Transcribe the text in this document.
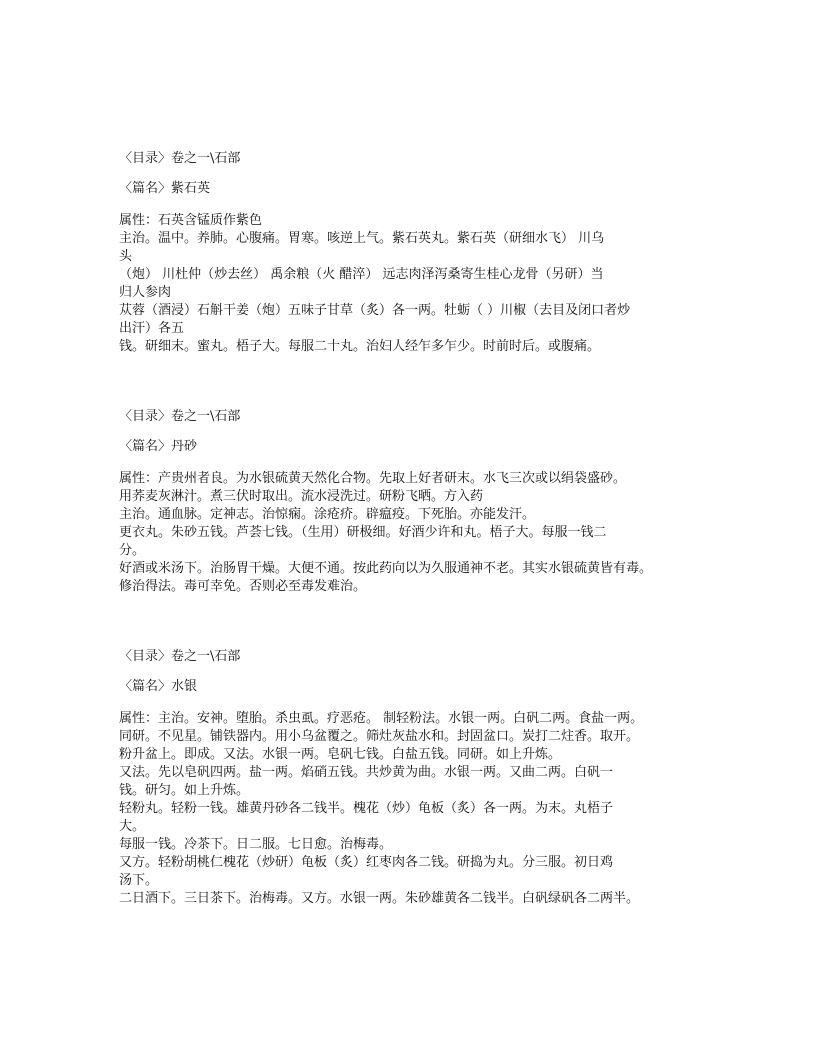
〈目录〉卷之一\石部
〈篇名〉紫石英
属性：石英含锰质作紫色
主治。温中。养肺。心腹痛。胃寒。咳逆上气。紫石英丸。紫石英（研细水飞） 川乌
头
（炮） 川杜仲（炒去丝） 禹余粮（火 醋淬） 远志肉泽泻桑寄生桂心龙骨（另研）当
归人参肉
苁蓉（酒浸）石斛干姜（炮）五味子甘草（炙）各一两。牡蛎（ ）川椒（去目及闭口者炒
出汗）各五
钱。研细末。蜜丸。梧子大。每服二十丸。治妇人经乍多乍少。时前时后。或腹痛。
〈目录〉卷之一\石部
〈篇名〉丹砂
属性：产贵州者良。为水银硫黄天然化合物。先取上好者研末。水飞三次或以绢袋盛砂。
用荞麦灰淋汁。煮三伏时取出。流水浸洗过。研粉飞晒。方入药
主治。通血脉。定神志。治惊痫。涂疮疥。辟瘟疫。下死胎。亦能发汗。
更衣丸。朱砂五钱。芦荟七钱。（生用）研极细。好酒少许和丸。梧子大。每服一钱二
分。
好酒或米汤下。治肠胃干燥。大便不通。按此药向以为久服通神不老。其实水银硫黄皆有毒。
修治得法。毒可幸免。否则必至毒发难治。
〈目录〉卷之一\石部
〈篇名〉水银
属性：主治。安神。堕胎。杀虫虱。疗恶疮。 制轻粉法。水银一两。白矾二两。食盐一两。
同研。不见星。铺铁器内。用小乌盆覆之。筛灶灰盐水和。封固盆口。炭打二炷香。取开。
粉升盆上。即成。又法。水银一两。皂矾七钱。白盐五钱。同研。如上升炼。
又法。先以皂矾四两。盐一两。焰硝五钱。共炒黄为曲。水银一两。又曲二两。白矾一
钱。研匀。如上升炼。
轻粉丸。轻粉一钱。雄黄丹砂各二钱半。槐花（炒）龟板（炙）各一两。为末。丸梧子
大。
每服一钱。冷茶下。日二服。七日愈。治梅毒。
又方。轻粉胡桃仁槐花（炒研）龟板（炙）红枣肉各二钱。研捣为丸。分三服。初日鸡
汤下。
二日酒下。三日茶下。治梅毒。又方。水银一两。朱砂雄黄各二钱半。白矾绿矾各二两半。
